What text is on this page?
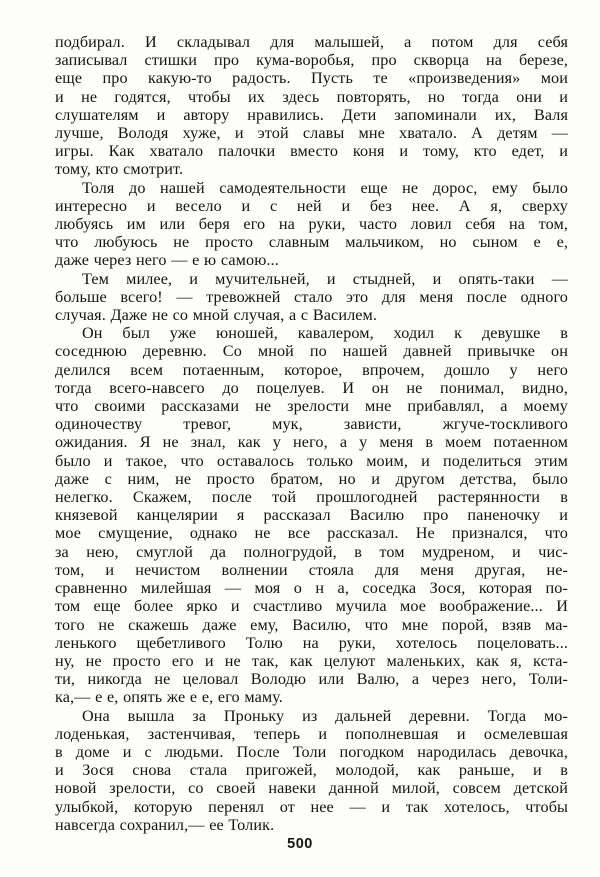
подбирал. И складывал для малышей, а потом для себя
записывал стишки про кума-воробья, про скворца на березе,
еще про какую-то радость. Пусть те «произведения» мои
и не годятся, чтобы их здесь повторять, но тогда они и
слушателям и автору нравились. Дети запоминали их, Валя
лучше, Володя хуже, и этой славы мне хватало. А детям —
игры. Как хватало палочки вместо коня и тому, кто едет, и
тому, кто смотрит.

Толя до нашей самодеятельности еще не дорос, ему было
интересно и весело и с ней и без нее. А я, сверху
любуясь им или беря его на руки, часто ловил себя на том,
что любуюсь не просто славным мальчиком, но сыном е е,
даже через него — е ю самою...

Тем милее, и мучительней, и стыдней, и опять-таки —
больше всего! — тревожней стало это для меня после одного
случая. Даже не со мной случая, а с Василем.

Он был уже юношей, кавалером, ходил к девушке в
соседнюю деревню. Со мной по нашей давней привычке он
делился всем потаенным, которое, впрочем, дошло у него
тогда всего-навсего до поцелуев. И он не понимал, видно,
что своими рассказами не зрелости мне прибавлял, а моему
одиночеству тревог, мук, зависти, жгуче-тоскливого
ожидания. Я не знал, как у него, а у меня в моем потаенном
было и такое, что оставалось только моим, и поделиться этим
даже с ним, не просто братом, но и другом детства, было
нелегко. Скажем, после той прошлогодней растерянности в
князевой канцелярии я рассказал Василю про паненочку и
мое смущение, однако не все рассказал. Не признался, что
за нею, смуглой да полногрудой, в том мудреном, и чис-
том, и нечистом волнении стояла для меня другая, не-
сравненно милейшая — моя о н а, соседка Зося, которая по-
том еще более ярко и счастливо мучила мое воображение... И
того не скажешь даже ему, Василю, что мне порой, взяв ма-
ленького щебетливого Толю на руки, хотелось поцеловать...
ну, не просто его и не так, как целуют маленьких, как я, кста-
ти, никогда не целовал Володю или Валю, а через него, Толи-
ка,— е е, опять же е е, его маму.

Она вышла за Проньку из дальней деревни. Тогда мо-
лоденькая, застенчивая, теперь и пополневшая и осмелевшая
в доме и с людьми. После Толи погодком народилась девочка,
и Зося снова стала пригожей, молодой, как раньше, и в
новой зрелости, со своей навеки данной милой, совсем детской
улыбкой, которую перенял от нее — и так хотелось, чтобы
навсегда сохранил,— ее Толик.

500
